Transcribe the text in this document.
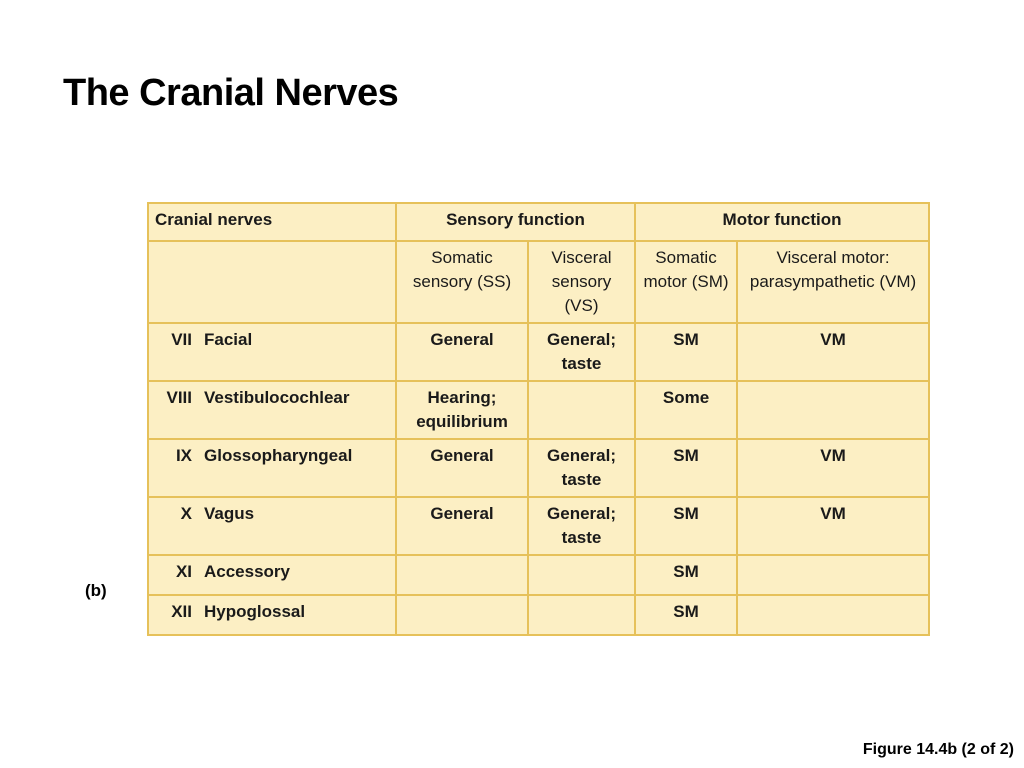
The Cranial Nerves
Cranial nerves		Sensory function		Motor function	
		Somatic sensory (SS)	Visceral sensory (VS)	Somatic motor (SM)	Visceral motor: parasympathetic (VM)
VII	Facial	General	General; taste	SM	VM
VIII	Vestibulocochlear	Hearing; equilibrium		Some	
IX	Glossopharyngeal	General	General; taste	SM	VM
X	Vagus	General	General; taste	SM	VM
XI	Accessory			SM	
XII	Hypoglossal			SM	
(b)
Figure 14.4b (2 of 2)
